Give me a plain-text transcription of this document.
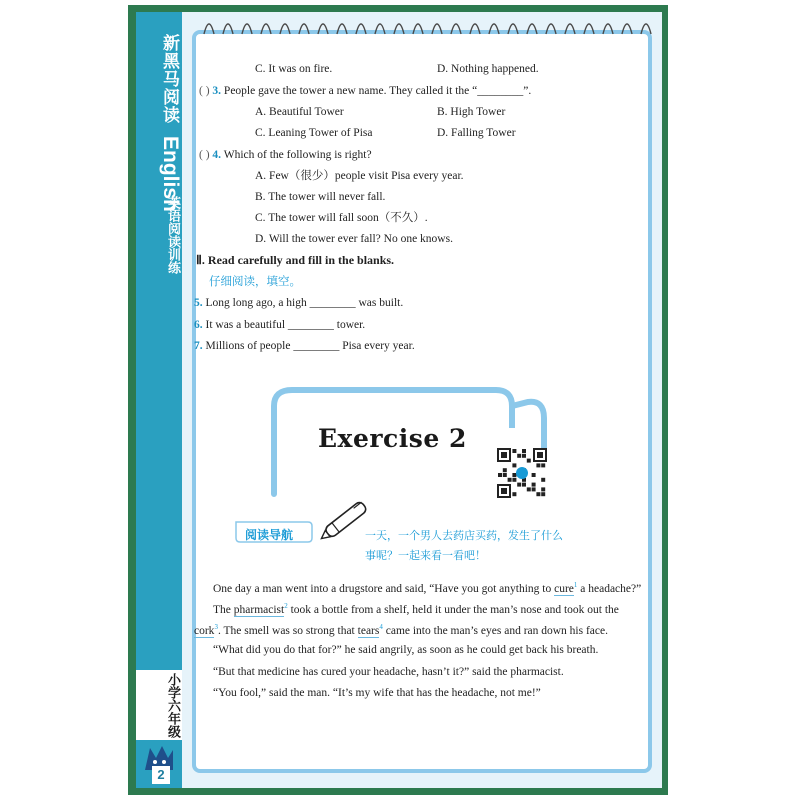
新黑马阅读
English
英语阅读训练
小学六年级
2
C. It was on fire.	D. Nothing happened.
( ) 3. People gave the tower a new name. They called it the “________”.
A. Beautiful Tower	B. High Tower
C. Leaning Tower of Pisa	D. Falling Tower
( ) 4. Which of the following is right?
A. Few（很少）people visit Pisa every year.
B. The tower will never fall.
C. The tower will fall soon（不久）.
D. Will the tower ever fall? No one knows.
Ⅱ. Read carefully and fill in the blanks.
仔细阅读，填空。
5. Long long ago, a high ________ was built.
6. It was a beautiful ________ tower.
7. Millions of people ________ Pisa every year.
Exercise 2
阅读导航	一天，一个男人去药店买药，发生了什么
事呢？一起来看一看吧！
One day a man went into a drugstore and said, “Have you got anything to cure$^1$ a headache?”
The pharmacist$^2$ took a bottle from a shelf, held it under the man’s nose and took out the
cork$^3$. The smell was so strong that tears$^4$ came into the man’s eyes and ran down his face.
“What did you do that for?” he said angrily, as soon as he could get back his breath.
“But that medicine has cured your headache, hasn’t it?” said the pharmacist.
“You fool,” said the man. “It’s my wife that has the headache, not me!”
